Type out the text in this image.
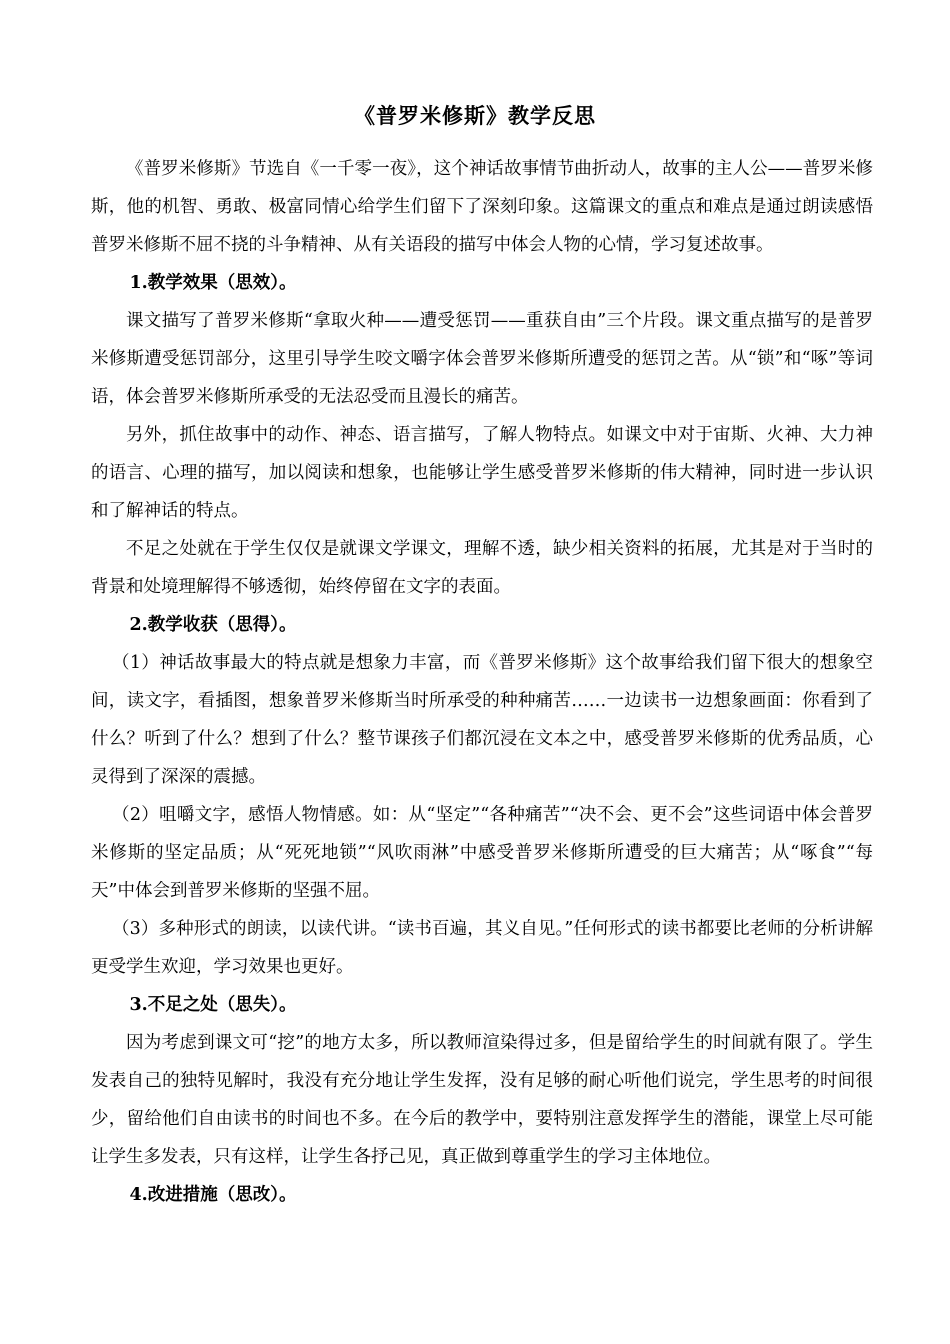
《普罗米修斯》教学反思

《普罗米修斯》节选自《一千零一夜》，这个神话故事情节曲折动人，故事的主人公——普罗米修斯，他的机智、勇敢、极富同情心给学生们留下了深刻印象。这篇课文的重点和难点是通过朗读感悟普罗米修斯不屈不挠的斗争精神、从有关语段的描写中体会人物的心情，学习复述故事。

1.教学效果（思效）。

课文描写了普罗米修斯“拿取火种——遭受惩罚——重获自由”三个片段。课文重点描写的是普罗米修斯遭受惩罚部分，这里引导学生咬文嚼字体会普罗米修斯所遭受的惩罚之苦。从“锁”和“啄”等词语，体会普罗米修斯所承受的无法忍受而且漫长的痛苦。

另外，抓住故事中的动作、神态、语言描写，了解人物特点。如课文中对于宙斯、火神、大力神的语言、心理的描写，加以阅读和想象，也能够让学生感受普罗米修斯的伟大精神，同时进一步认识和了解神话的特点。

不足之处就在于学生仅仅是就课文学课文，理解不透，缺少相关资料的拓展，尤其是对于当时的背景和处境理解得不够透彻，始终停留在文字的表面。

2.教学收获（思得）。

（1）神话故事最大的特点就是想象力丰富，而《普罗米修斯》这个故事给我们留下很大的想象空间，读文字，看插图，想象普罗米修斯当时所承受的种种痛苦……一边读书一边想象画面：你看到了什么？听到了什么？想到了什么？整节课孩子们都沉浸在文本之中，感受普罗米修斯的优秀品质，心灵得到了深深的震撼。

（2）咀嚼文字，感悟人物情感。如：从“坚定”“各种痛苦”“决不会、更不会”这些词语中体会普罗米修斯的坚定品质；从“死死地锁”“风吹雨淋”中感受普罗米修斯所遭受的巨大痛苦；从“啄食”“每天”中体会到普罗米修斯的坚强不屈。

（3）多种形式的朗读，以读代讲。“读书百遍，其义自见。”任何形式的读书都要比老师的分析讲解更受学生欢迎，学习效果也更好。

3.不足之处（思失）。

因为考虑到课文可“挖”的地方太多，所以教师渲染得过多，但是留给学生的时间就有限了。学生发表自己的独特见解时，我没有充分地让学生发挥，没有足够的耐心听他们说完，学生思考的时间很少，留给他们自由读书的时间也不多。在今后的教学中，要特别注意发挥学生的潜能，课堂上尽可能让学生多发表，只有这样，让学生各抒己见，真正做到尊重学生的学习主体地位。

4.改进措施（思改）。
